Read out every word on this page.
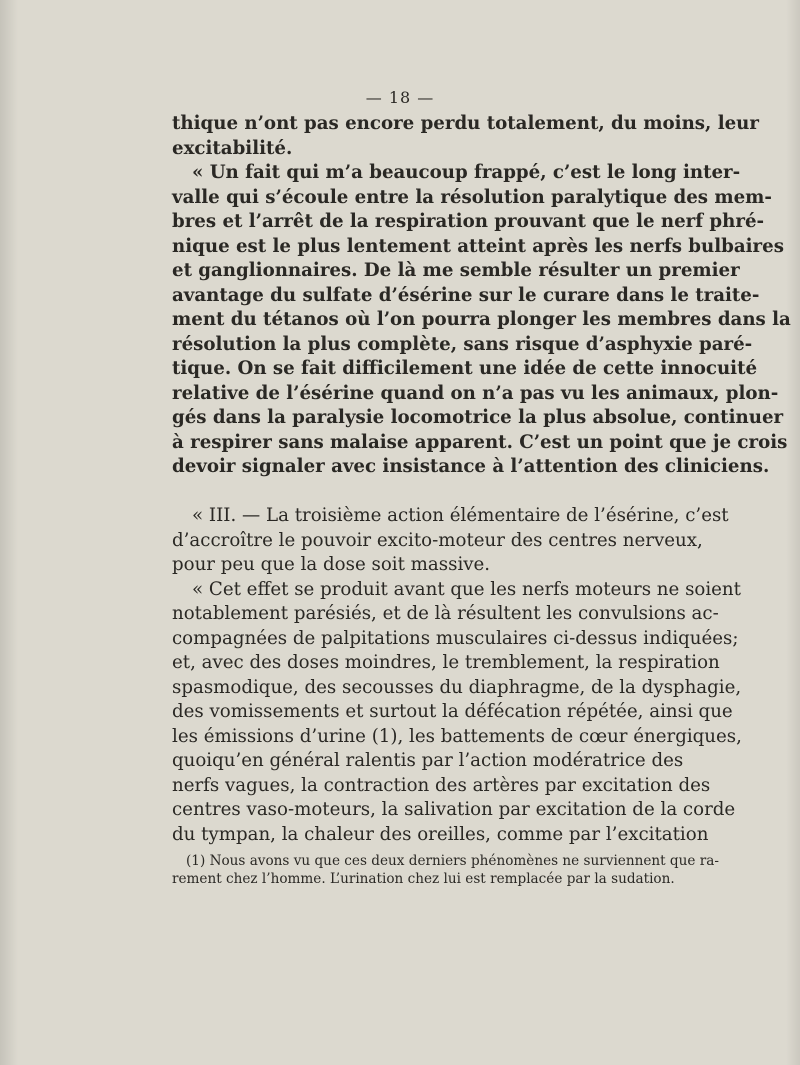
— 18 —
thique n’ont pas encore perdu totalement, du moins, leur
excitabilité.
« Un fait qui m’a beaucoup frappé, c’est le long inter-
valle qui s’écoule entre la résolution paralytique des mem-
bres et l’arrêt de la respiration prouvant que le nerf phré-
nique est le plus lentement atteint après les nerfs bulbaires
et ganglionnaires. De là me semble résulter un premier
avantage du sulfate d’ésérine sur le curare dans le traite-
ment du tétanos où l’on pourra plonger les membres dans la
résolution la plus complète, sans risque d’asphyxie paré-
tique. On se fait difficilement une idée de cette innocuité
relative de l’ésérine quand on n’a pas vu les animaux, plon-
gés dans la paralysie locomotrice la plus absolue, continuer
à respirer sans malaise apparent. C’est un point que je crois
devoir signaler avec insistance à l’attention des cliniciens.
« III. — La troisième action élémentaire de l’ésérine, c’est
d’accroître le pouvoir excito-moteur des centres nerveux,
pour peu que la dose soit massive.
« Cet effet se produit avant que les nerfs moteurs ne soient
notablement parésiés, et de là résultent les convulsions ac-
compagnées de palpitations musculaires ci-dessus indiquées;
et, avec des doses moindres, le tremblement, la respiration
spasmodique, des secousses du diaphragme, de la dysphagie,
des vomissements et surtout la défécation répétée, ainsi que
les émissions d’urine (1), les battements de cœur énergiques,
quoiqu’en général ralentis par l’action modératrice des
nerfs vagues, la contraction des artères par excitation des
centres vaso-moteurs, la salivation par excitation de la corde
du tympan, la chaleur des oreilles, comme par l’excitation
(1) Nous avons vu que ces deux derniers phénomènes ne surviennent que ra-
rement chez l’homme. L’urination chez lui est remplacée par la sudation.
